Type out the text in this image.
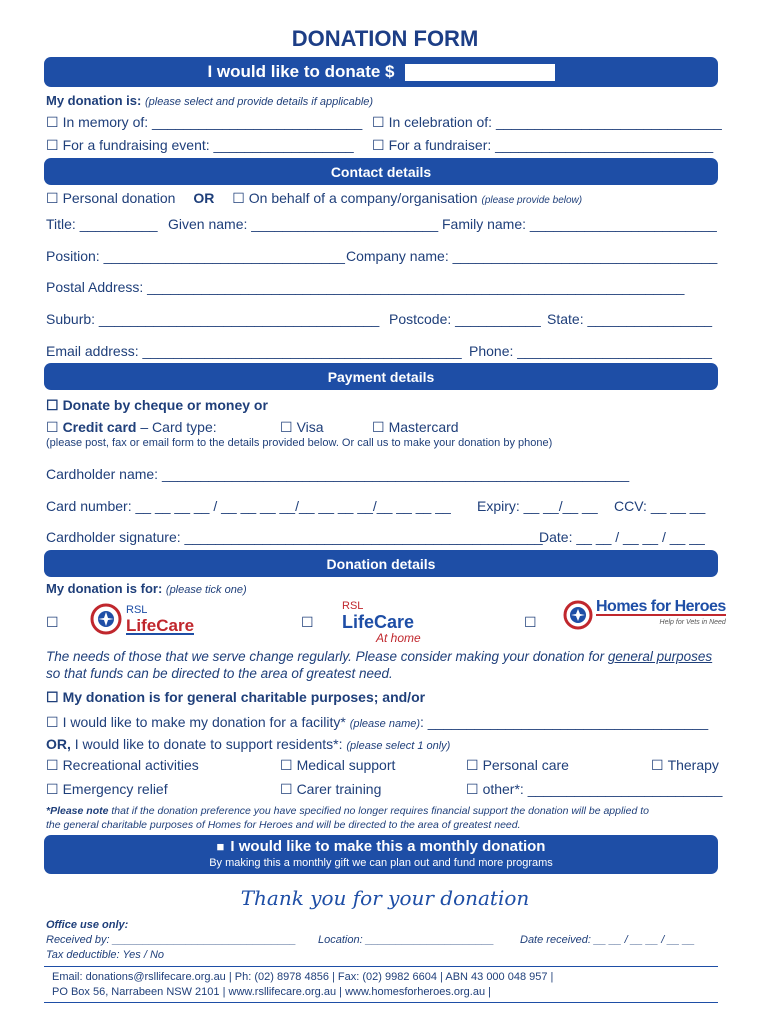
DONATION FORM
I would like to donate $
My donation is: (please select and provide details if applicable)
☐ In memory of: ___________________________ ☐ In celebration of: _____________________________
☐ For a fundraising event: __________________ ☐ For a fundraiser: ____________________________
Contact details
☐ Personal donation OR ☐ On behalf of a company/organisation (please provide below)
Title: __________ Given name: ________________________ Family name: ________________________
Position: _______________________________ Company name: __________________________________
Postal Address: _____________________________________________________________________
Suburb: ____________________________________ Postcode: ___________ State: ________________
Email address: _________________________________________ Phone: _________________________
Payment details
☐ Donate by cheque or money or
☐ Credit card – Card type:	☐ Visa	☐ Mastercard
(please post, fax or email form to the details provided below. Or call us to make your donation by phone)
Cardholder name: ____________________________________________________________
Card number: __ __ __ __ / __ __ __ __/__ __ __ __/__ __ __ __ Expiry: __ __/__ __ CCV: __ __ __
Cardholder signature: ______________________________________________
Date: __ __ / __ __ / __ __
Donation details
My donation is for: (please tick one)
☐
RSL
LifeCare	☐
RSL
LifeCare
At home
☐
Homes for Heroes
Help for Vets in Need
The needs of those that we serve change regularly. Please consider making your donation for general purposes so that funds can be directed to the area of greatest need.
☐ My donation is for general charitable purposes; and/or
☐ I would like to make my donation for a facility* (please name): ____________________________________
OR, I would like to donate to support residents*: (please select 1 only)
☐ Recreational activities	☐ Medical support	☐ Personal care	☐ Therapy
☐ Emergency relief	☐ Carer training	☐ other*: _________________________
*Please note that if the donation preference you have specified no longer requires financial support the donation will be applied to
the general charitable purposes of Homes for Heroes and will be directed to the area of greatest need.
■ I would like to make this a monthly donation
By making this a monthly gift we can plan out and fund more programs
Thank you for your donation
Office use only:
Received by: ______________________________ Location: _____________________ Date received: __ __ / __ __ / __ __
Tax deductible: Yes / No
Email: donations@rsllifecare.org.au | Ph: (02) 8978 4856 | Fax: (02) 9982 6604 | ABN 43 000 048 957 |
PO Box 56, Narrabeen NSW 2101 | www.rsllifecare.org.au | www.homesforheroes.org.au |
